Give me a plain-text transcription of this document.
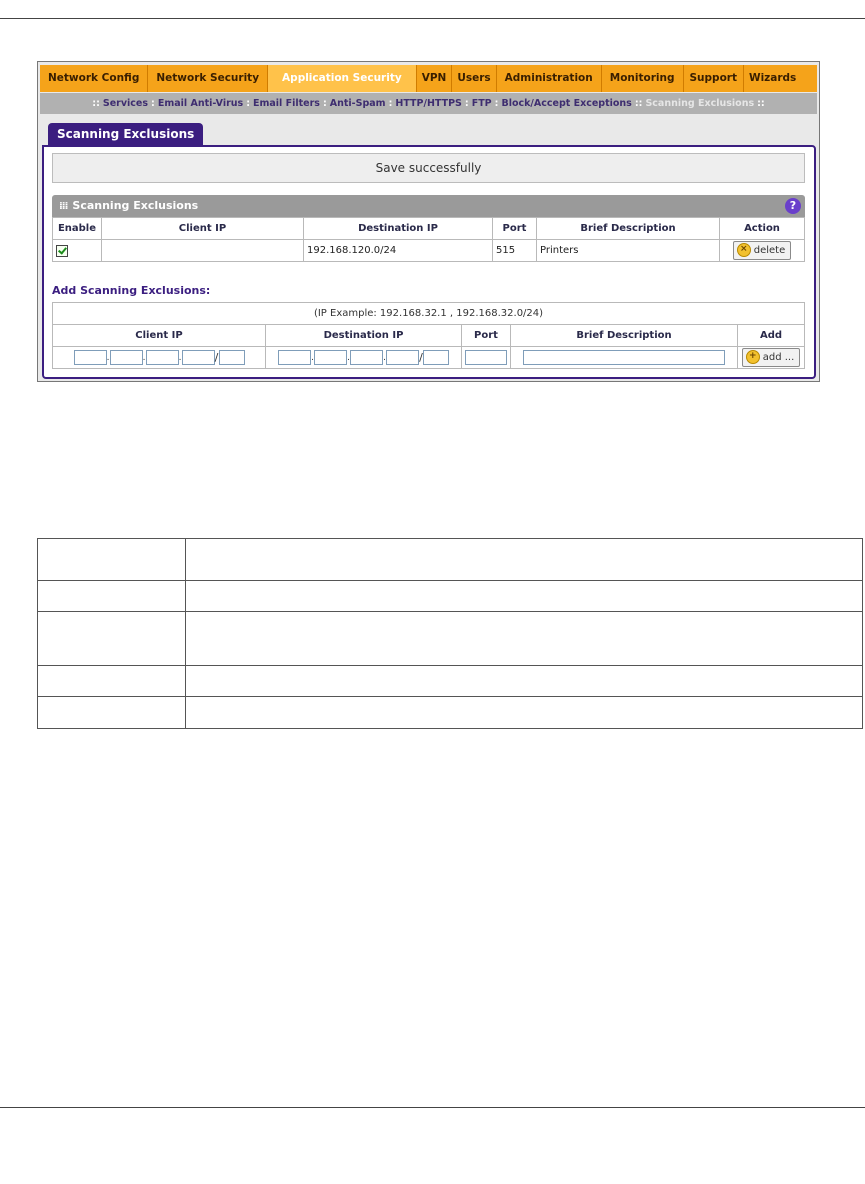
Network Config	Network Security	Application Security	VPN	Users	Administration	Monitoring	Support	Wizards
:: Services : Email Anti-Virus : Email Filters : Anti-Spam : HTTP/HTTPS : FTP : Block/Accept Exceptions :: Scanning Exclusions ::
Scanning Exclusions
Save successfully
⁞⁞⁞ Scanning Exclusions	?
Enable	Client IP	Destination IP	Port	Brief Description	Action
		192.168.120.0/24	515	Printers	× delete
Add Scanning Exclusions:
(IP Example: 192.168.32.1 , 192.168.32.0/24)				
Client IP	Destination IP	Port	Brief Description	Add
. . . /	. . . /			+ add ...
